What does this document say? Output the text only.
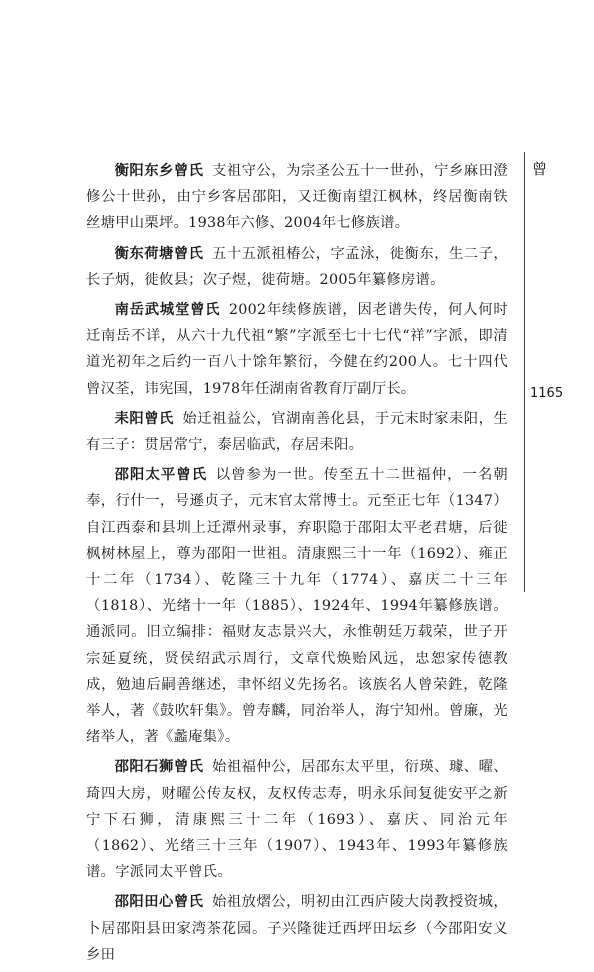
衡阳东乡曾氏 支祖守公，为宗圣公五十一世孙，宁乡麻田澄修公十世孙，由宁乡客居邵阳，又迁衡南望江枫林，终居衡南铁丝塘甲山栗坪。1938年六修、2004年七修族谱。

衡东荷塘曾氏 五十五派祖椿公，字孟泳，徙衡东，生二子，长子炳，徙攸县；次子煜，徙荷塘。2005年纂修房谱。

南岳武城堂曾氏 2002年续修族谱，因老谱失传，何人何时迁南岳不详，从六十九代祖“繁”字派至七十七代“祥”字派，即清道光初年之后约一百八十馀年繁衍，今健在约200人。七十四代曾汉荃，讳宪国，1978年任湖南省教育厅副厅长。

耒阳曾氏 始迁祖益公，官湖南善化县，于元末时家耒阳，生有三子：贯居常宁，泰居临武，存居耒阳。

邵阳太平曾氏 以曾参为一世。传至五十二世福仲，一名朝奉，行什一，号遜贞子，元末官太常博士。元至正七年（1347）自江西泰和县圳上迁潭州录事，弃职隐于邵阳太平老君塘，后徙枫树林屋上，尊为邵阳一世祖。清康熙三十一年（1692）、雍正十二年（1734）、乾隆三十九年（1774）、嘉庆二十三年（1818）、光绪十一年（1885）、1924年、1994年纂修族谱。通派同。旧立编排：福财友志景兴大，永惟朝廷万载荣，世子开宗延夏统，贤侯绍武示周行，文章代焕贻风远，忠恕家传德教成，勉迪后嗣善继述，聿怀绍义先扬名。该族名人曾荣鉎，乾隆举人，著《鼓吹轩集》。曾寿麟，同治举人，海宁知州。曾廉，光绪举人，著《蠡庵集》。

邵阳石狮曾氏 始祖福仲公，居邵东太平里，衍瑛、璩、曜、琦四大房，财曜公传友权，友权传志寿，明永乐间复徙安平之新宁下石狮，清康熙三十二年（1693）、嘉庆、同治元年（1862）、光绪三十三年（1907）、1943年、1993年纂修族谱。字派同太平曾氏。

邵阳田心曾氏 始祖放熠公，明初由江西庐陵大岗教授资城，卜居邵阳县田家湾茶花园。子兴隆徙迁西坪田坛乡（今邵阳安义乡田

曾
1165
